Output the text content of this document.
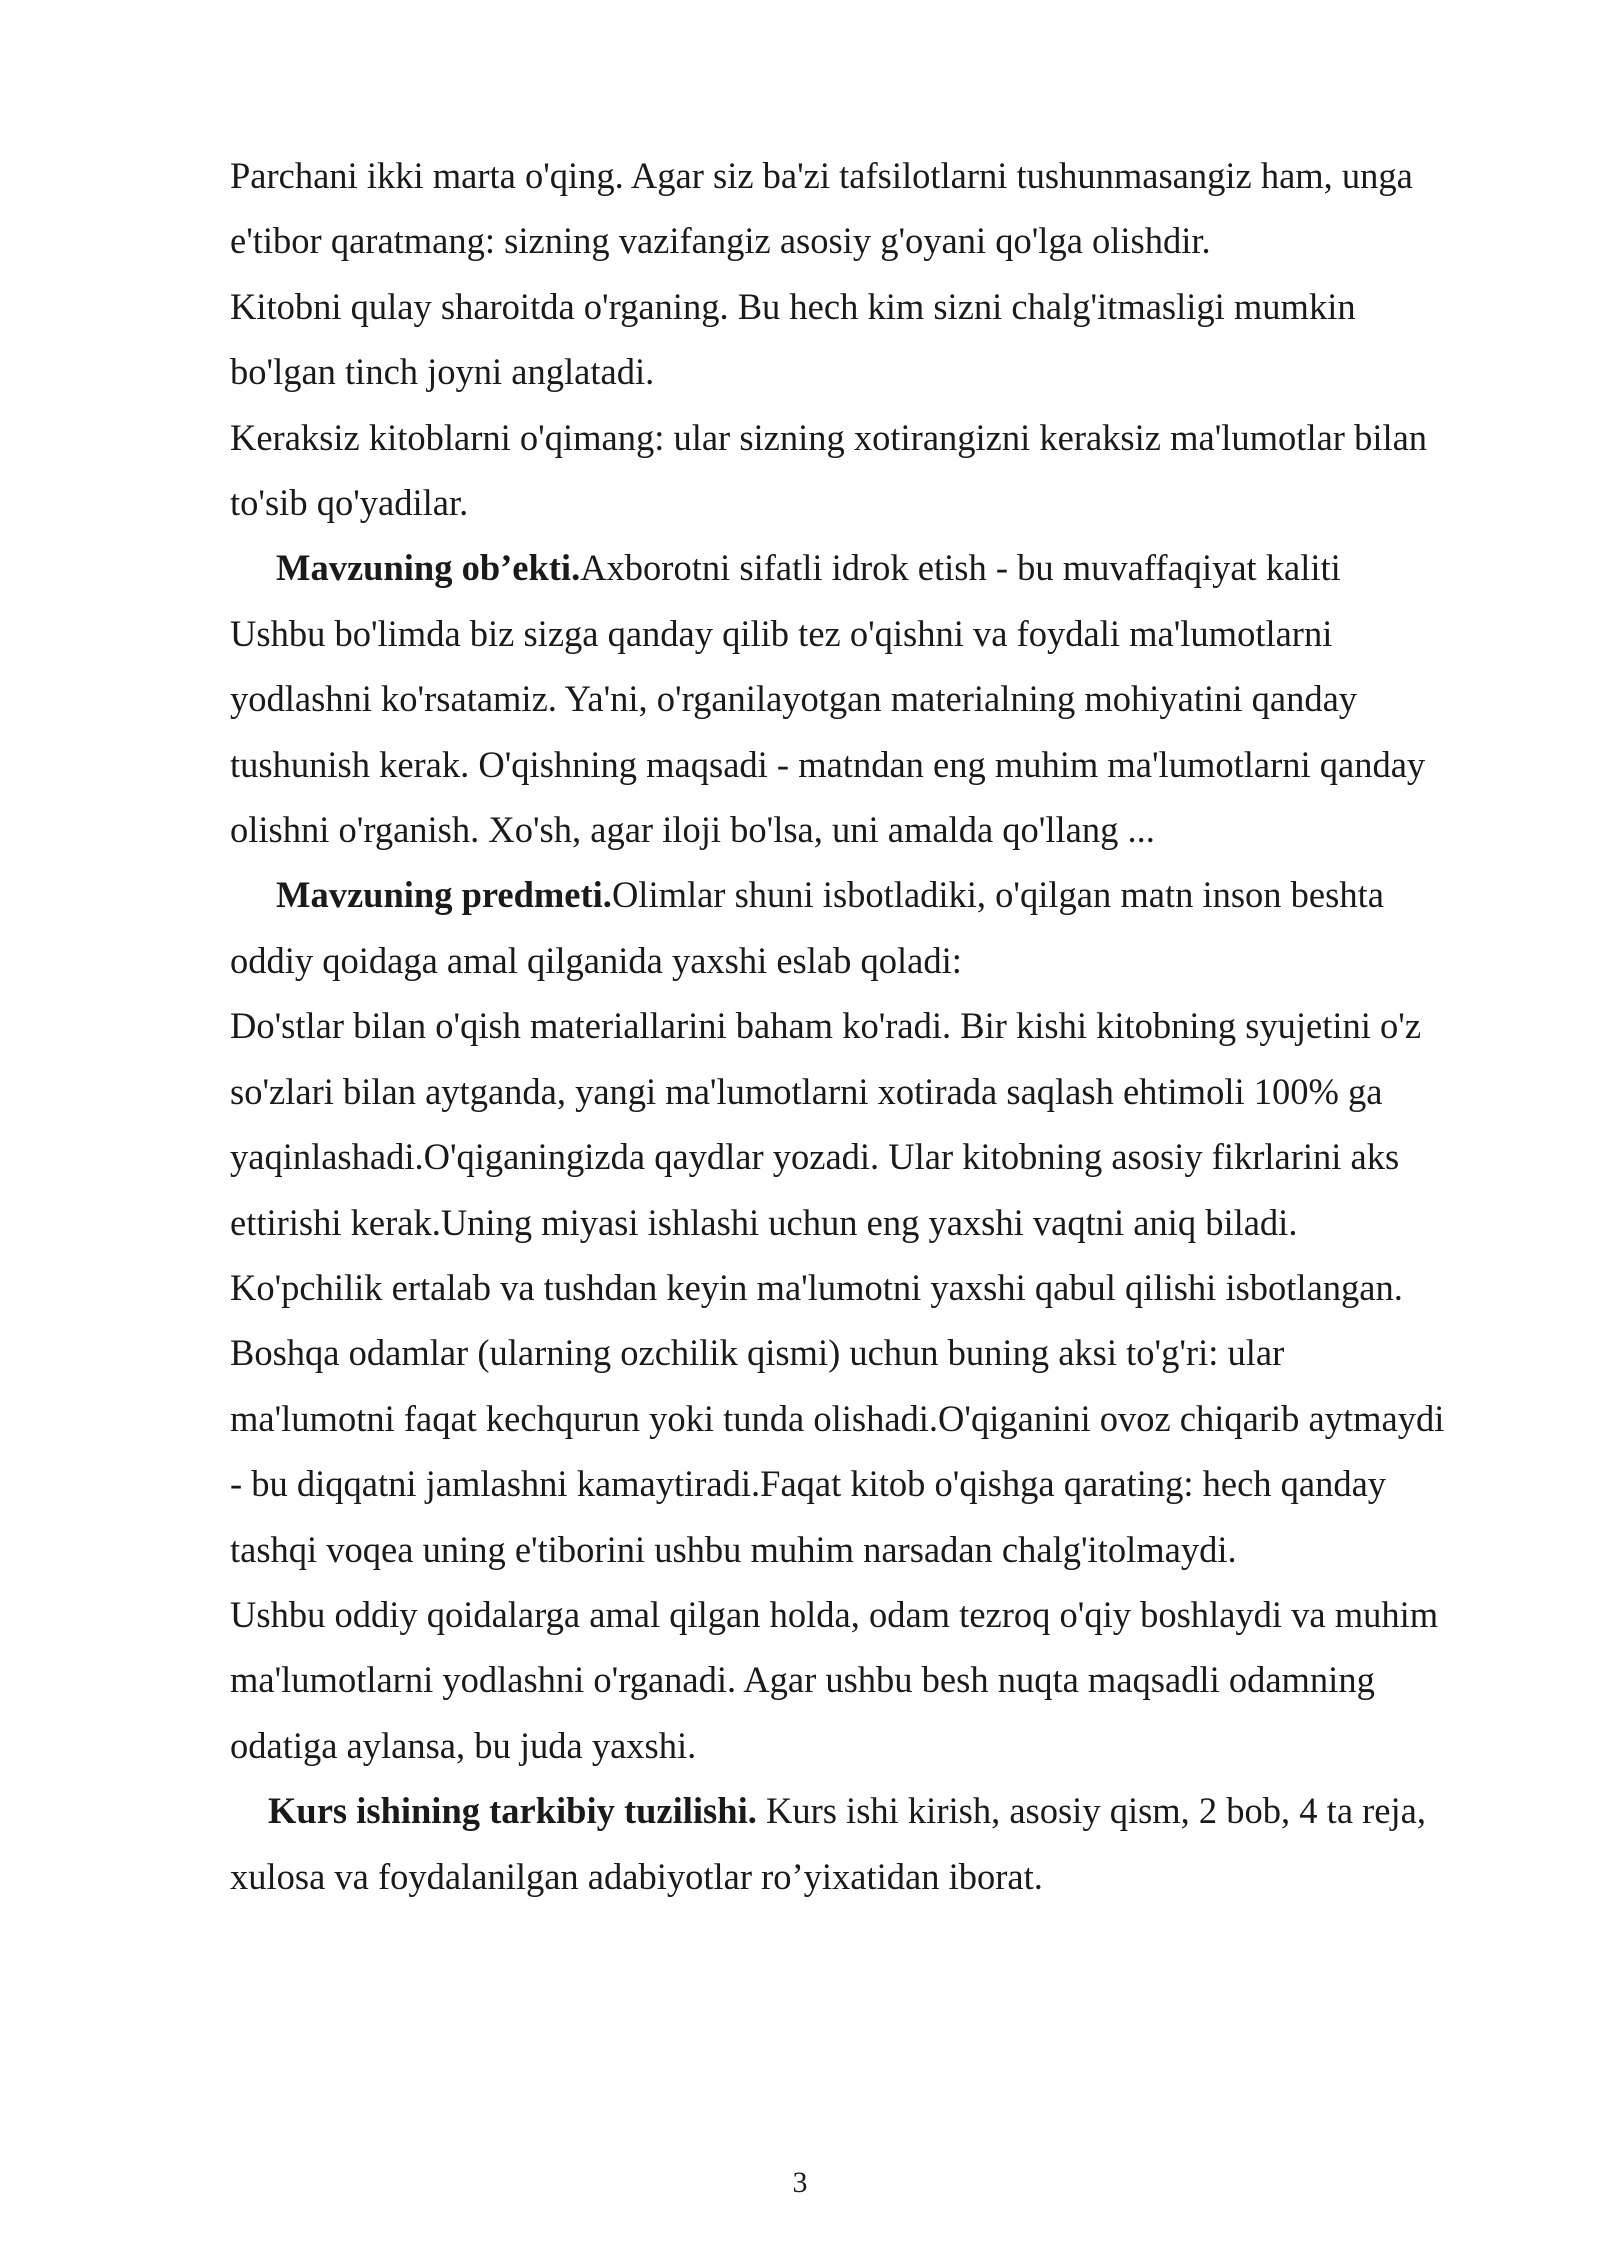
Parchani ikki marta o'qing. Agar siz ba'zi tafsilotlarni tushunmasangiz ham, unga
e'tibor qaratmang: sizning vazifangiz asosiy g'oyani qo'lga olishdir.
Kitobni qulay sharoitda o'rganing. Bu hech kim sizni chalg'itmasligi mumkin
bo'lgan tinch joyni anglatadi.
Keraksiz kitoblarni o'qimang: ular sizning xotirangizni keraksiz ma'lumotlar bilan
to'sib qo'yadilar.
Mavzuning ob’ekti.Axborotni sifatli idrok etish - bu muvaffaqiyat kaliti
Ushbu bo'limda biz sizga qanday qilib tez o'qishni va foydali ma'lumotlarni
yodlashni ko'rsatamiz. Ya'ni, o'rganilayotgan materialning mohiyatini qanday
tushunish kerak. O'qishning maqsadi - matndan eng muhim ma'lumotlarni qanday
olishni o'rganish. Xo'sh, agar iloji bo'lsa, uni amalda qo'llang ...
Mavzuning predmeti.Olimlar shuni isbotladiki, o'qilgan matn inson beshta
oddiy qoidaga amal qilganida yaxshi eslab qoladi:
Do'stlar bilan o'qish materiallarini baham ko'radi. Bir kishi kitobning syujetini o'z
so'zlari bilan aytganda, yangi ma'lumotlarni xotirada saqlash ehtimoli 100% ga
yaqinlashadi.O'qiganingizda qaydlar yozadi. Ular kitobning asosiy fikrlarini aks
ettirishi kerak.Uning miyasi ishlashi uchun eng yaxshi vaqtni aniq biladi.
Ko'pchilik ertalab va tushdan keyin ma'lumotni yaxshi qabul qilishi isbotlangan.
Boshqa odamlar (ularning ozchilik qismi) uchun buning aksi to'g'ri: ular
ma'lumotni faqat kechqurun yoki tunda olishadi.O'qiganini ovoz chiqarib aytmaydi
- bu diqqatni jamlashni kamaytiradi.Faqat kitob o'qishga qarating: hech qanday
tashqi voqea uning e'tiborini ushbu muhim narsadan chalg'itolmaydi.
Ushbu oddiy qoidalarga amal qilgan holda, odam tezroq o'qiy boshlaydi va muhim
ma'lumotlarni yodlashni o'rganadi. Agar ushbu besh nuqta maqsadli odamning
odatiga aylansa, bu juda yaxshi.
Kurs ishining tarkibiy tuzilishi. Kurs ishi kirish, asosiy qism, 2 bob, 4 ta reja,
xulosa va foydalanilgan adabiyotlar ro’yixatidan iborat.
3
